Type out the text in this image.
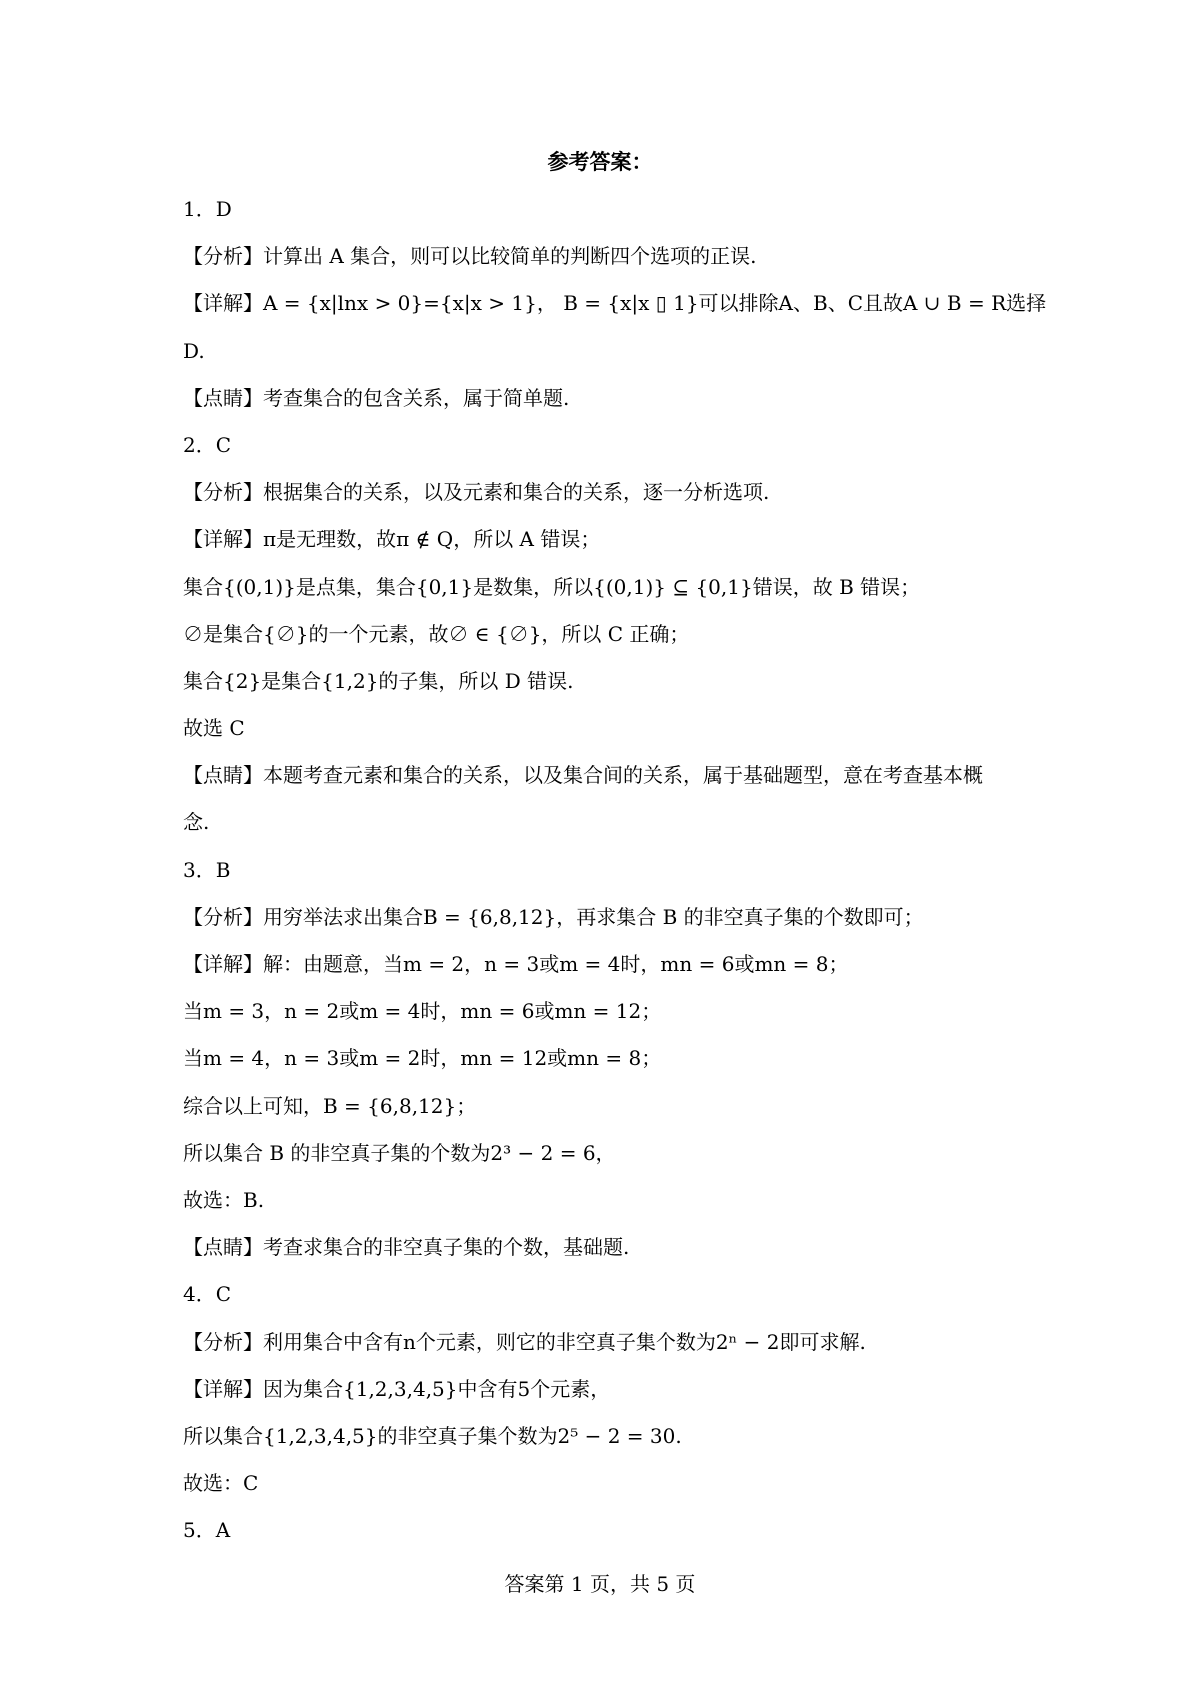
参考答案：
1．D
【分析】计算出 A 集合，则可以比较简单的判断四个选项的正误.
【详解】A = {x|lnx > 0}={x|x > 1}， B = {x|x ▯ 1}可以排除A、B、C且故A ∪ B = R选择
D.
【点睛】考查集合的包含关系，属于简单题.
2．C
【分析】根据集合的关系，以及元素和集合的关系，逐一分析选项.
【详解】π是无理数，故π ∉ Q，所以 A 错误；
集合{(0,1)}是点集，集合{0,1}是数集，所以{(0,1)} ⊆ {0,1}错误，故 B 错误；
∅是集合{∅}的一个元素，故∅ ∈ {∅}，所以 C 正确；
集合{2}是集合{1,2}的子集，所以 D 错误.
故选 C
【点睛】本题考查元素和集合的关系，以及集合间的关系，属于基础题型，意在考查基本概
念.
3．B
【分析】用穷举法求出集合B = {6,8,12}，再求集合 B 的非空真子集的个数即可；
【详解】解：由题意，当m = 2，n = 3或m = 4时，mn = 6或mn = 8；
当m = 3，n = 2或m = 4时，mn = 6或mn = 12；
当m = 4，n = 3或m = 2时，mn = 12或mn = 8；
综合以上可知，B = {6,8,12}；
所以集合 B 的非空真子集的个数为2³ − 2 = 6，
故选：B.
【点睛】考查求集合的非空真子集的个数，基础题.
4．C
【分析】利用集合中含有n个元素，则它的非空真子集个数为2ⁿ − 2即可求解.
【详解】因为集合{1,2,3,4,5}中含有5个元素，
所以集合{1,2,3,4,5}的非空真子集个数为2⁵ − 2 = 30.
故选：C
5．A
答案第 1 页，共 5 页
